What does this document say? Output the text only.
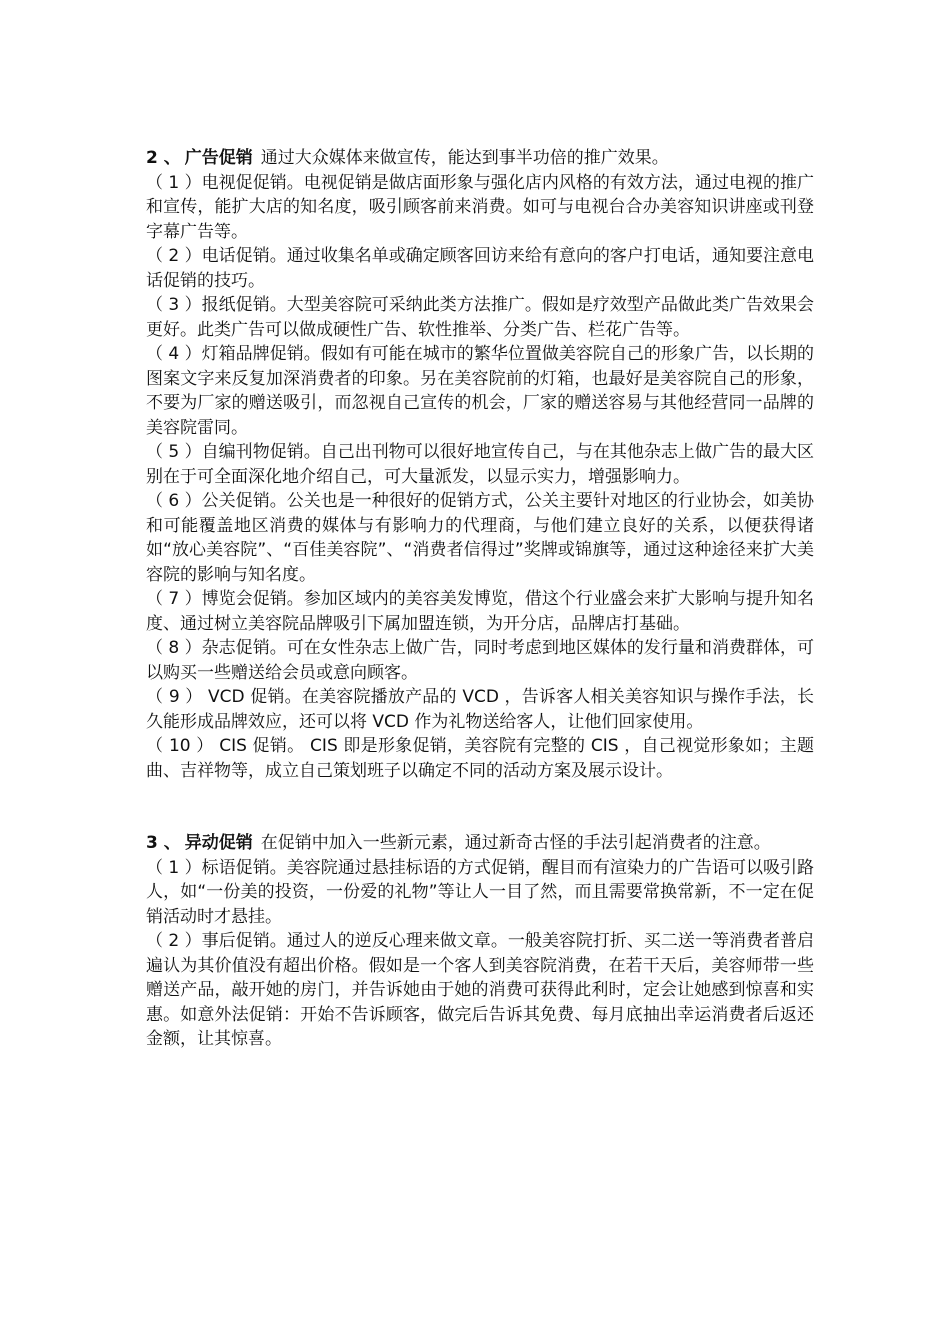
2 、 广告促销 通过大众媒体来做宣传，能达到事半功倍的推广效果。

（ 1 ）电视促促销。电视促销是做店面形象与强化店内风格的有效方法，通过电视的推广和宣传，能扩大店的知名度，吸引顾客前来消费。如可与电视台合办美容知识讲座或刊登字幕广告等。

（ 2 ）电话促销。通过收集名单或确定顾客回访来给有意向的客户打电话，通知要注意电话促销的技巧。

（ 3 ）报纸促销。大型美容院可采纳此类方法推广。假如是疗效型产品做此类广告效果会更好。此类广告可以做成硬性广告、软性推举、分类广告、栏花广告等。

（ 4 ）灯箱品牌促销。假如有可能在城市的繁华位置做美容院自己的形象广告，以长期的图案文字来反复加深消费者的印象。另在美容院前的灯箱，也最好是美容院自己的形象，不要为厂家的赠送吸引，而忽视自己宣传的机会，厂家的赠送容易与其他经营同一品牌的美容院雷同。

（ 5 ）自编刊物促销。自己出刊物可以很好地宣传自己，与在其他杂志上做广告的最大区别在于可全面深化地介绍自己，可大量派发，以显示实力，增强影响力。

（ 6 ）公关促销。公关也是一种很好的促销方式，公关主要针对地区的行业协会，如美协和可能覆盖地区消费的媒体与有影响力的代理商，与他们建立良好的关系，以便获得诸如“放心美容院”、“百佳美容院”、“消费者信得过”奖牌或锦旗等，通过这种途径来扩大美容院的影响与知名度。

（ 7 ）博览会促销。参加区域内的美容美发博览，借这个行业盛会来扩大影响与提升知名度、通过树立美容院品牌吸引下属加盟连锁，为开分店，品牌店打基础。

（ 8 ）杂志促销。可在女性杂志上做广告，同时考虑到地区媒体的发行量和消费群体，可以购买一些赠送给会员或意向顾客。

（ 9 ） VCD 促销。在美容院播放产品的 VCD ，告诉客人相关美容知识与操作手法，长久能形成品牌效应，还可以将 VCD 作为礼物送给客人，让他们回家使用。

（ 10 ） CIS 促销。 CIS 即是形象促销，美容院有完整的 CIS ，自己视觉形象如；主题曲、吉祥物等，成立自己策划班子以确定不同的活动方案及展示设计。

3 、 异动促销 在促销中加入一些新元素，通过新奇古怪的手法引起消费者的注意。

（ 1 ）标语促销。美容院通过悬挂标语的方式促销，醒目而有渲染力的广告语可以吸引路人，如“一份美的投资，一份爱的礼物”等让人一目了然，而且需要常换常新，不一定在促销活动时才悬挂。

（ 2 ）事后促销。通过人的逆反心理来做文章。一般美容院打折、买二送一等消费者普启遍认为其价值没有超出价格。假如是一个客人到美容院消费，在若干天后，美容师带一些赠送产品，敲开她的房门，并告诉她由于她的消费可获得此利时，定会让她感到惊喜和实惠。如意外法促销：开始不告诉顾客，做完后告诉其免费、每月底抽出幸运消费者后返还金额，让其惊喜。
